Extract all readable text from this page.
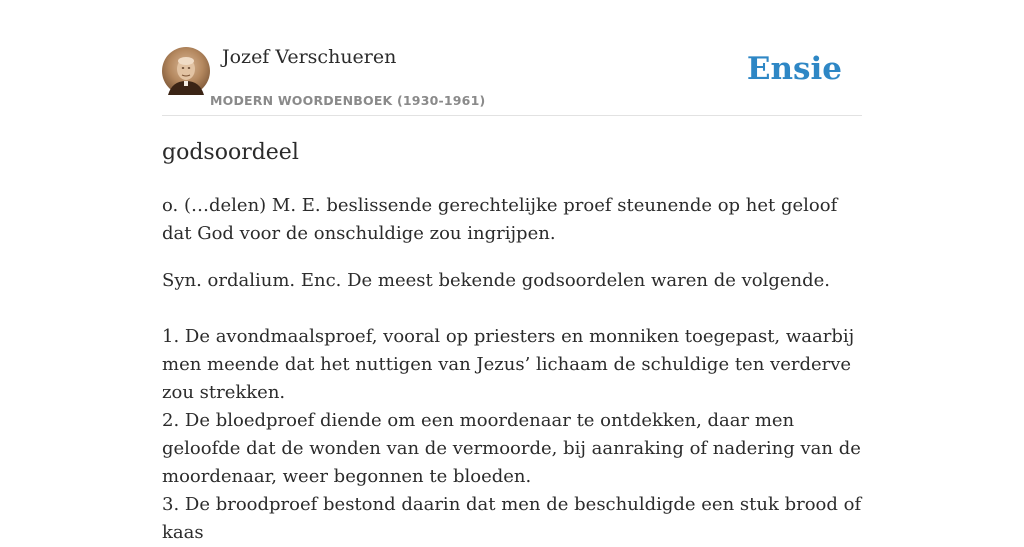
Jozef Verschueren
MODERN WOORDENBOEK (1930-1961)
Ensie
godsoordeel

o. (…delen) M. E. beslissende gerechtelijke proef steunende op het geloof dat God voor de onschuldige zou ingrijpen.

Syn. ordalium. Enc. De meest bekende godsoordelen waren de volgende.

1. De avondmaalsproef, vooral op priesters en monniken toegepast, waarbij men meende dat het nuttigen van Jezus’ lichaam de schuldige ten verderve zou strekken.

2. De bloedproef diende om een moordenaar te ontdekken, daar men geloofde dat de wonden van de vermoorde, bij aanraking of nadering van de moordenaar, weer begonnen te bloeden.

3. De broodproef bestond daarin dat men de beschuldigde een stuk brood of kaas
